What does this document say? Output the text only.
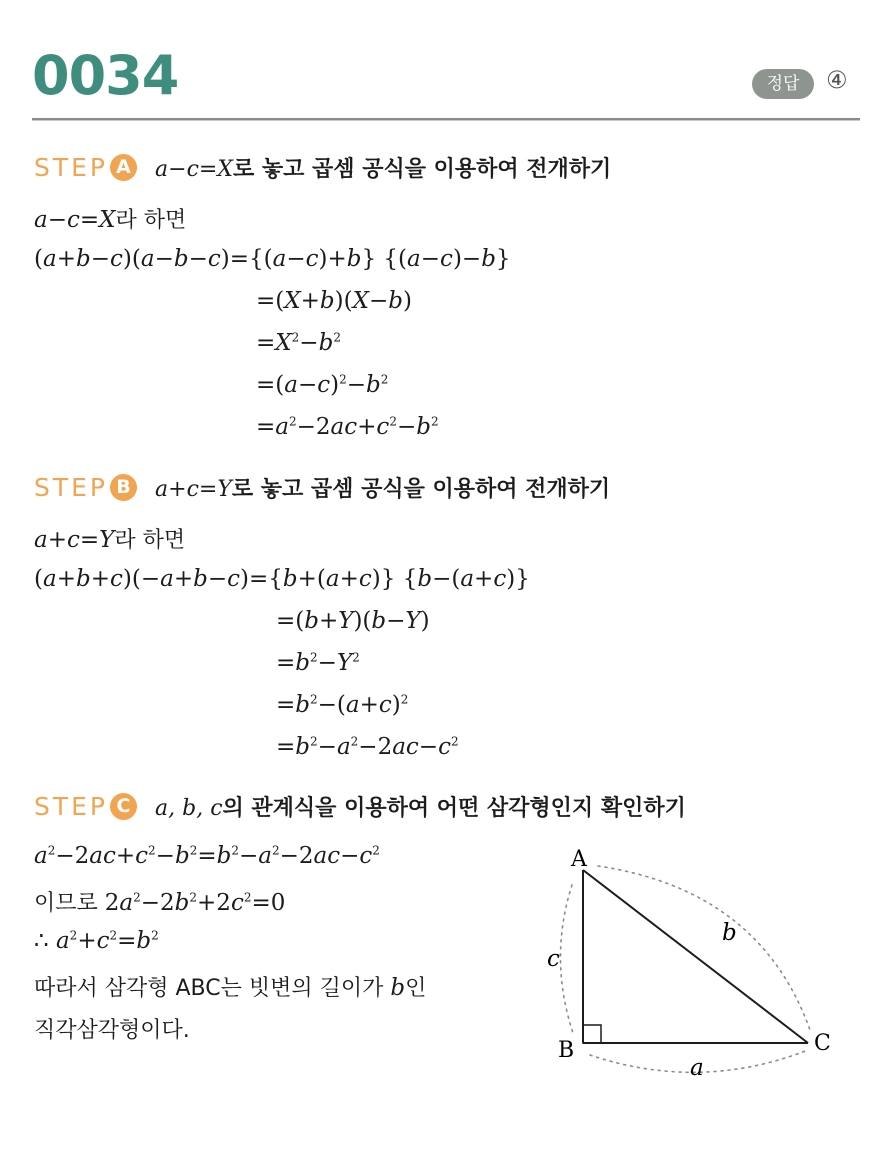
0034	정답	④
STEP A a−c=X로 놓고 곱셈 공식을 이용하여 전개하기
a−c=X라 하면
(a+b−c)(a−b−c)={(a−c)+b} {(a−c)−b}
=(X+b)(X−b)
$=X^2-b^2$
$=(a-c)^2-b^2$
$=a^2-2ac+c^2-b^2$
STEP B a+c=Y로 놓고 곱셈 공식을 이용하여 전개하기
a+c=Y라 하면
(a+b+c)(−a+b−c)={b+(a+c)} {b−(a+c)}
=(b+Y)(b−Y)
$=b^2-Y^2$
$=b^2-(a+c)^2$
$=b^2-a^2-2ac-c^2$
STEP C a, b, c의 관계식을 이용하여 어떤 삼각형인지 확인하기
$a^2-2ac+c^2-b^2=b^2-a^2-2ac-c^2$
이므로 $2a^2-2b^2+2c^2=0$
∴ $a^2+c^2=b^2$
따라서 삼각형 ABC는 빗변의 길이가 b인
직각삼각형이다.
A
B	C
c
b
a
